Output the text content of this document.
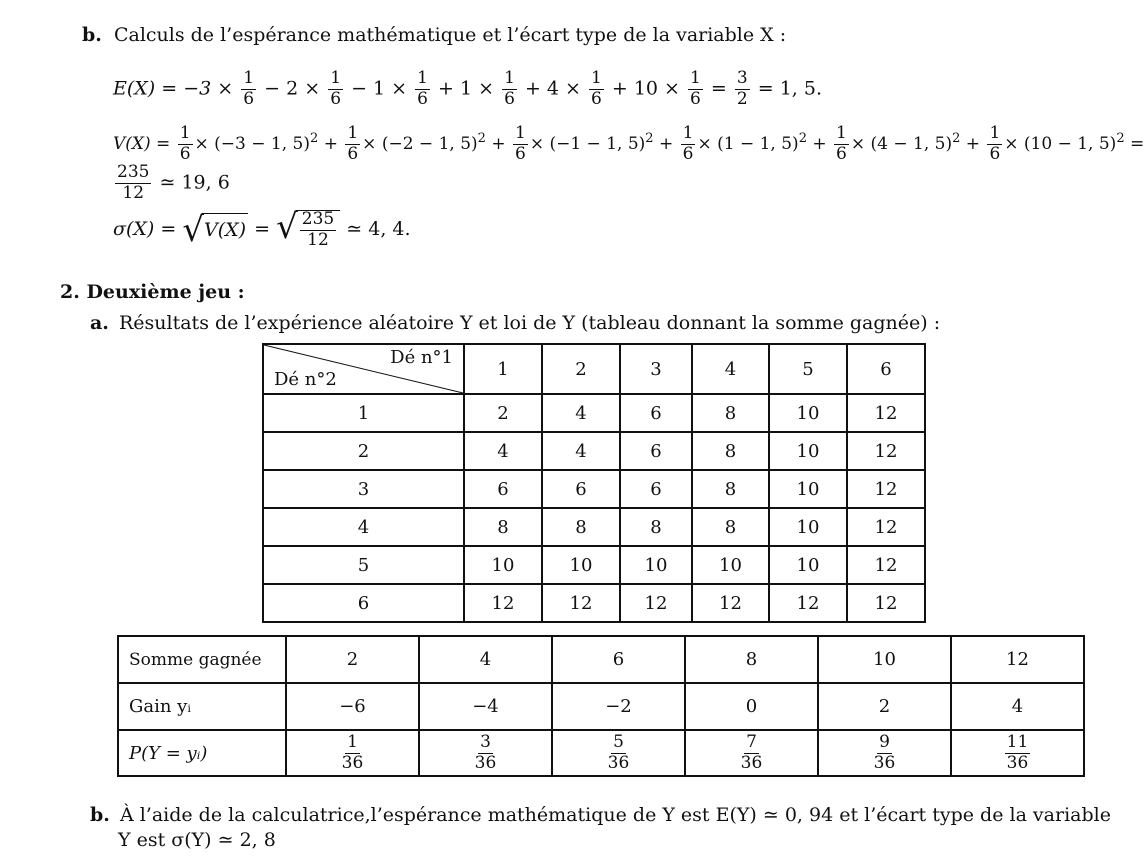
b. Calculs de l’espérance mathématique et l’écart type de la variable X :
$E(X) = -3 \times \frac{1}{6} - 2 \times \frac{1}{6} - 1 \times \frac{1}{6} + 1 \times \frac{1}{6} + 4 \times \frac{1}{6} + 10 \times \frac{1}{6} = \frac{3}{2} = 1$, 5.
$V(X) = \frac{1}{6} \times (-3 - 1$, $5)^2 + \frac{1}{6} \times (-2 - 1$, $5)^2 + \frac{1}{6} \times (-1 - 1$, $5)^2 + \frac{1}{6} \times (1 - 1$, $5)^2 + \frac{1}{6} \times (4 - 1$, $5)^2 + \frac{1}{6} \times (10 - 1$, 5)$^2$ =
$\frac{235}{12}$ ≃ 19, 6
σ(X) = √ V(X) = √ $\frac{235}{12}$ ≃ 4, 4.
2. Deuxième jeu :
a. Résultats de l’expérience aléatoire Y et loi de Y (tableau donnant la somme gagnée) :
Dé n°1
Dé n°2	1	2	3	4	5	6
1	2	4	6	8	10	12
2	4	4	6	8	10	12
3	6	6	6	8	10	12
4	8	8	8	8	10	12
5	10	10	10	10	10	12
6	12	12	12	12	12	12
Somme gagnée	2	4	6	8	10	12
Gain yᵢ	−6	−4	−2	0	2	4
P(Y = yᵢ)	$\frac{1}{36}$	$\frac{3}{36}$	$\frac{5}{36}$	$\frac{7}{36}$	$\frac{9}{36}$	$\frac{11}{36}$
b. À l’aide de la calculatrice,l’espérance mathématique de Y est E(Y) ≃ 0, 94 et l’écart type de la variable
Y est σ(Y) ≃ 2, 8
